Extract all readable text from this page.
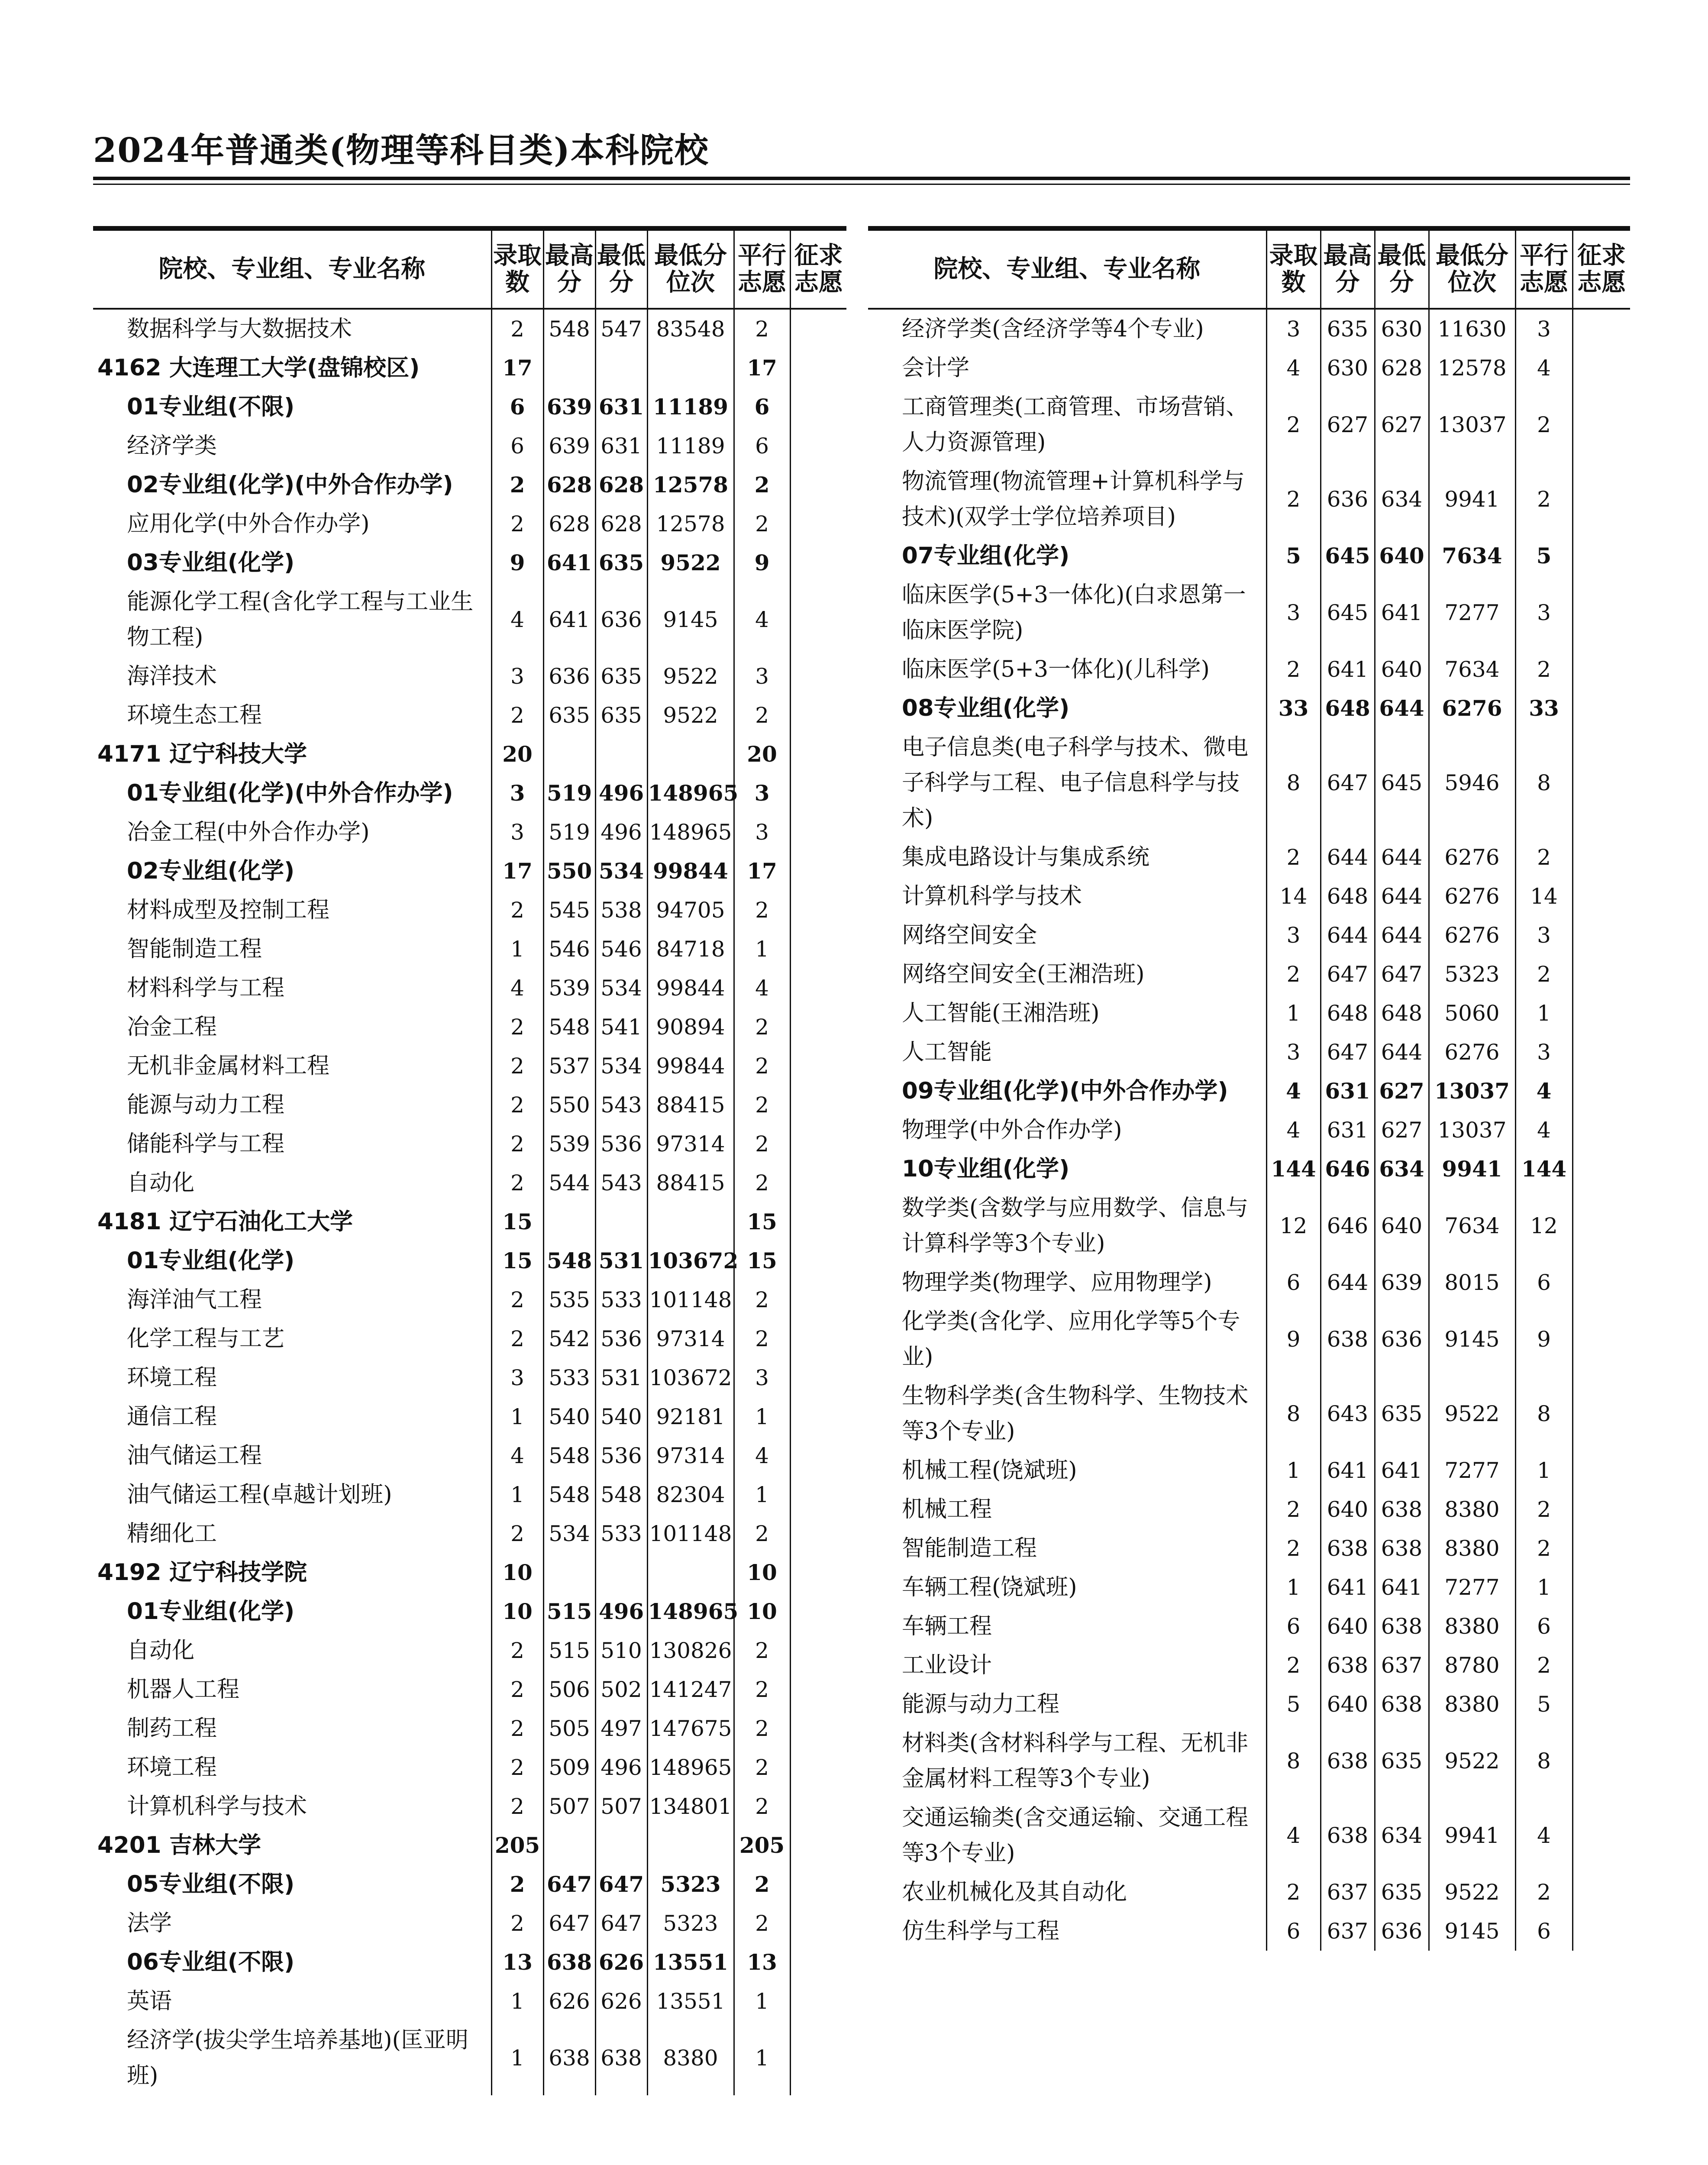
2024年普通类(物理等科目类)本科院校

院校、专业组、专业名称	录取数	最高分	最低分	最低分位次	平行志愿	征求志愿
数据科学与大数据技术	2	548	547	83548	2	
4162 大连理工大学(盘锦校区)	17				17	
01专业组(不限)	6	639	631	11189	6	
经济学类	6	639	631	11189	6	
02专业组(化学)(中外合作办学)	2	628	628	12578	2	
应用化学(中外合作办学)	2	628	628	12578	2	
03专业组(化学)	9	641	635	9522	9	
能源化学工程(含化学工程与工业生物工程)	4	641	636	9145	4	
海洋技术	3	636	635	9522	3	
环境生态工程	2	635	635	9522	2	
4171 辽宁科技大学	20				20	
01专业组(化学)(中外合作办学)	3	519	496	148965	3	
冶金工程(中外合作办学)	3	519	496	148965	3	
02专业组(化学)	17	550	534	99844	17	
材料成型及控制工程	2	545	538	94705	2	
智能制造工程	1	546	546	84718	1	
材料科学与工程	4	539	534	99844	4	
冶金工程	2	548	541	90894	2	
无机非金属材料工程	2	537	534	99844	2	
能源与动力工程	2	550	543	88415	2	
储能科学与工程	2	539	536	97314	2	
自动化	2	544	543	88415	2	
4181 辽宁石油化工大学	15				15	
01专业组(化学)	15	548	531	103672	15	
海洋油气工程	2	535	533	101148	2	
化学工程与工艺	2	542	536	97314	2	
环境工程	3	533	531	103672	3	
通信工程	1	540	540	92181	1	
油气储运工程	4	548	536	97314	4	
油气储运工程(卓越计划班)	1	548	548	82304	1	
精细化工	2	534	533	101148	2	
4192 辽宁科技学院	10				10	
01专业组(化学)	10	515	496	148965	10	
自动化	2	515	510	130826	2	
机器人工程	2	506	502	141247	2	
制药工程	2	505	497	147675	2	
环境工程	2	509	496	148965	2	
计算机科学与技术	2	507	507	134801	2	
4201 吉林大学	205				205	
05专业组(不限)	2	647	647	5323	2	
法学	2	647	647	5323	2	
06专业组(不限)	13	638	626	13551	13	
英语	1	626	626	13551	1	
经济学(拔尖学生培养基地)(匡亚明班)	1	638	638	8380	1	

院校、专业组、专业名称	录取数	最高分	最低分	最低分位次	平行志愿	征求志愿
经济学类(含经济学等4个专业)	3	635	630	11630	3	
会计学	4	630	628	12578	4	
工商管理类(工商管理、市场营销、人力资源管理)	2	627	627	13037	2	
物流管理(物流管理+计算机科学与技术)(双学士学位培养项目)	2	636	634	9941	2	
07专业组(化学)	5	645	640	7634	5	
临床医学(5+3一体化)(白求恩第一临床医学院)	3	645	641	7277	3	
临床医学(5+3一体化)(儿科学)	2	641	640	7634	2	
08专业组(化学)	33	648	644	6276	33	
电子信息类(电子科学与技术、微电子科学与工程、电子信息科学与技术)	8	647	645	5946	8	
集成电路设计与集成系统	2	644	644	6276	2	
计算机科学与技术	14	648	644	6276	14	
网络空间安全	3	644	644	6276	3	
网络空间安全(王湘浩班)	2	647	647	5323	2	
人工智能(王湘浩班)	1	648	648	5060	1	
人工智能	3	647	644	6276	3	
09专业组(化学)(中外合作办学)	4	631	627	13037	4	
物理学(中外合作办学)	4	631	627	13037	4	
10专业组(化学)	144	646	634	9941	144	
数学类(含数学与应用数学、信息与计算科学等3个专业)	12	646	640	7634	12	
物理学类(物理学、应用物理学)	6	644	639	8015	6	
化学类(含化学、应用化学等5个专业)	9	638	636	9145	9	
生物科学类(含生物科学、生物技术等3个专业)	8	643	635	9522	8	
机械工程(饶斌班)	1	641	641	7277	1	
机械工程	2	640	638	8380	2	
智能制造工程	2	638	638	8380	2	
车辆工程(饶斌班)	1	641	641	7277	1	
车辆工程	6	640	638	8380	6	
工业设计	2	638	637	8780	2	
能源与动力工程	5	640	638	8380	5	
材料类(含材料科学与工程、无机非金属材料工程等3个专业)	8	638	635	9522	8	
交通运输类(含交通运输、交通工程等3个专业)	4	638	634	9941	4	
农业机械化及其自动化	2	637	635	9522	2	
仿生科学与工程	6	637	636	9145	6	
